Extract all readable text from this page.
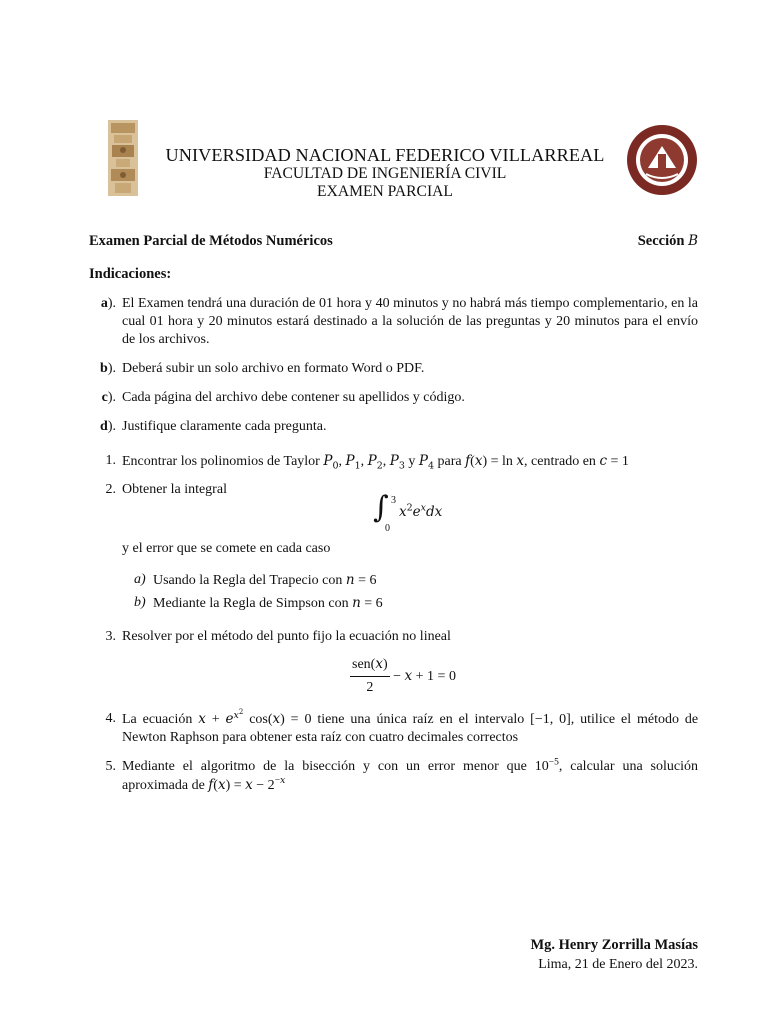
UNIVERSIDAD NACIONAL FEDERICO VILLARREAL
FACULTAD DE INGENIERÍA CIVIL
EXAMEN PARCIAL
Examen Parcial de Métodos Numéricos	Sección B
Indicaciones:
a). El Examen tendrá una duración de 01 hora y 40 minutos y no habrá más tiempo complementario, en la cual 01 hora y 20 minutos estará destinado a la solución de las preguntas y 20 minutos para el envío de los archivos.
b). Deberá subir un solo archivo en formato Word o PDF.
c). Cada página del archivo debe contener su apellidos y código.
d). Justifique claramente cada pregunta.
1. Encontrar los polinomios de Taylor $P_0$, $P_1$, $P_2$, $P_3$ y $P_4$ para f(x) = ln x, centrado en c = 1
2. Obtener la integral
∫ 3
0
$x^2e^xdx$
y el error que se comete en cada caso
a) Usando la Regla del Trapecio con n = 6
b) Mediante la Regla de Simpson con n = 6
3. Resolver por el método del punto fijo la ecuación no lineal
$\frac{\text{sen(x)}}{2} - x + 1 = 0$
4. La ecuación $x + e^{x^2}$ cos(x) = 0 tiene una única raíz en el intervalo [−1, 0], utilice el método de Newton Raphson para obtener esta raíz con cuatro decimales correctos
5. Mediante el algoritmo de la bisección y con un error menor que $10^{-5}$, calcular una solución aproximada de $f(x) = x - 2^{-x}$
Mg. Henry Zorrilla Masías
Lima, 21 de Enero del 2023.
